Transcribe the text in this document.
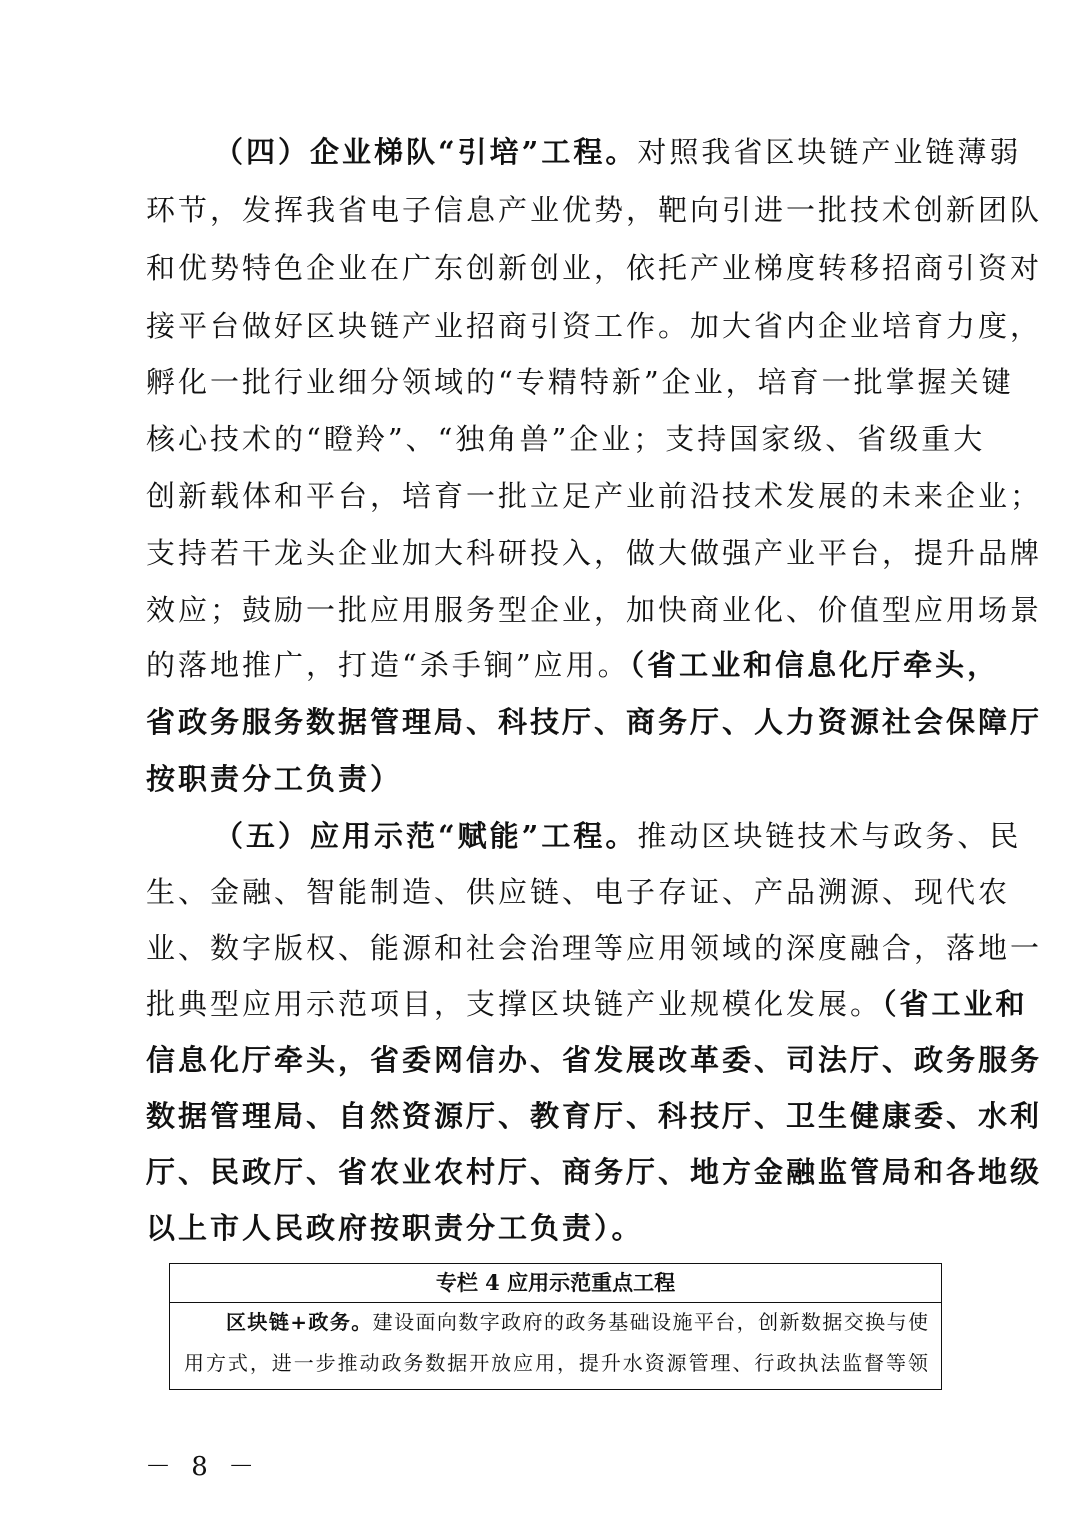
（四）企业梯队“引培”工程。对照我省区块链产业链薄弱
环节，发挥我省电子信息产业优势，靶向引进一批技术创新团队
和优势特色企业在广东创新创业，依托产业梯度转移招商引资对
接平台做好区块链产业招商引资工作。加大省内企业培育力度，
孵化一批行业细分领域的“专精特新”企业，培育一批掌握关键
核心技术的“瞪羚”、“独角兽”企业；支持国家级、省级重大
创新载体和平台，培育一批立足产业前沿技术发展的未来企业；
支持若干龙头企业加大科研投入，做大做强产业平台，提升品牌
效应；鼓励一批应用服务型企业，加快商业化、价值型应用场景
的落地推广，打造“杀手锏”应用。（省工业和信息化厅牵头，
省政务服务数据管理局、科技厅、商务厅、人力资源社会保障厅
按职责分工负责）
（五）应用示范“赋能”工程。推动区块链技术与政务、民
生、金融、智能制造、供应链、电子存证、产品溯源、现代农
业、数字版权、能源和社会治理等应用领域的深度融合，落地一
批典型应用示范项目，支撑区块链产业规模化发展。（省工业和
信息化厅牵头，省委网信办、省发展改革委、司法厅、政务服务
数据管理局、自然资源厅、教育厅、科技厅、卫生健康委、水利
厅、民政厅、省农业农村厅、商务厅、地方金融监管局和各地级
以上市人民政府按职责分工负责）。
专栏 4 应用示范重点工程
区块链+政务。建设面向数字政府的政务基础设施平台，创新数据交换与使
用方式，进一步推动政务数据开放应用，提升水资源管理、行政执法监督等领
－ 8 －
